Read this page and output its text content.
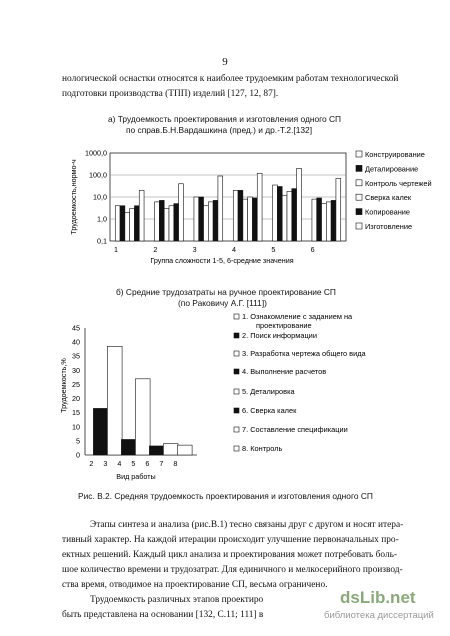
9
нологической оснастки относятся к наиболее трудоемким работам технологической
подготовки производства (ТПП) изделий [127, 12, 87].
а) Трудоемкость проектирования и изготовления одного СП
по справ.Б.Н.Вардашкина (пред.) и др.-Т.2.[132]
1000,0
100,0
10,0
1,0
0,1
Трудоемкость,нормо-ч
1	2	3	4	5	6
Группа сложности 1-5, 6-средние значения
Конструирование
Деталирование
Контроль чертежей
Сверка калек
Копирование
Изготовление
б) Средние трудозатраты на ручное проектирование СП
(по Раковичу А.Г. [111])
45
40
35
30
25
20
15
10
5
0
Трудоемкость,%
2 3 4 5 6 7 8
Вид работы
1. Ознакомление с заданием на
проектирование
2. Поиск информации
3. Разработка чертежа общего вида
4. Выполнение расчетов
5. Деталировка
6. Сверка калек
7. Составление спецификации
8. Контроль
Рис. В.2. Средняя трудоемкость проектирования и изготовления одного СП
Этапы синтеза и анализа (рис.В.1) тесно связаны друг с другом и носят итера-
тивный характер. На каждой итерации происходит улучшение первоначальных про-
ектных решений. Каждый цикл анализа и проектирования может потребовать боль-
шое количество времени и трудозатрат. Для единичного и мелкосерийного производ-
ства время, отводимое на проектирование СП, весьма ограничено.
Трудоемкость различных этапов проектиро
быть представлена на основании [132, С.11; 111] в
dsLib.net
библиотека диссертаций
